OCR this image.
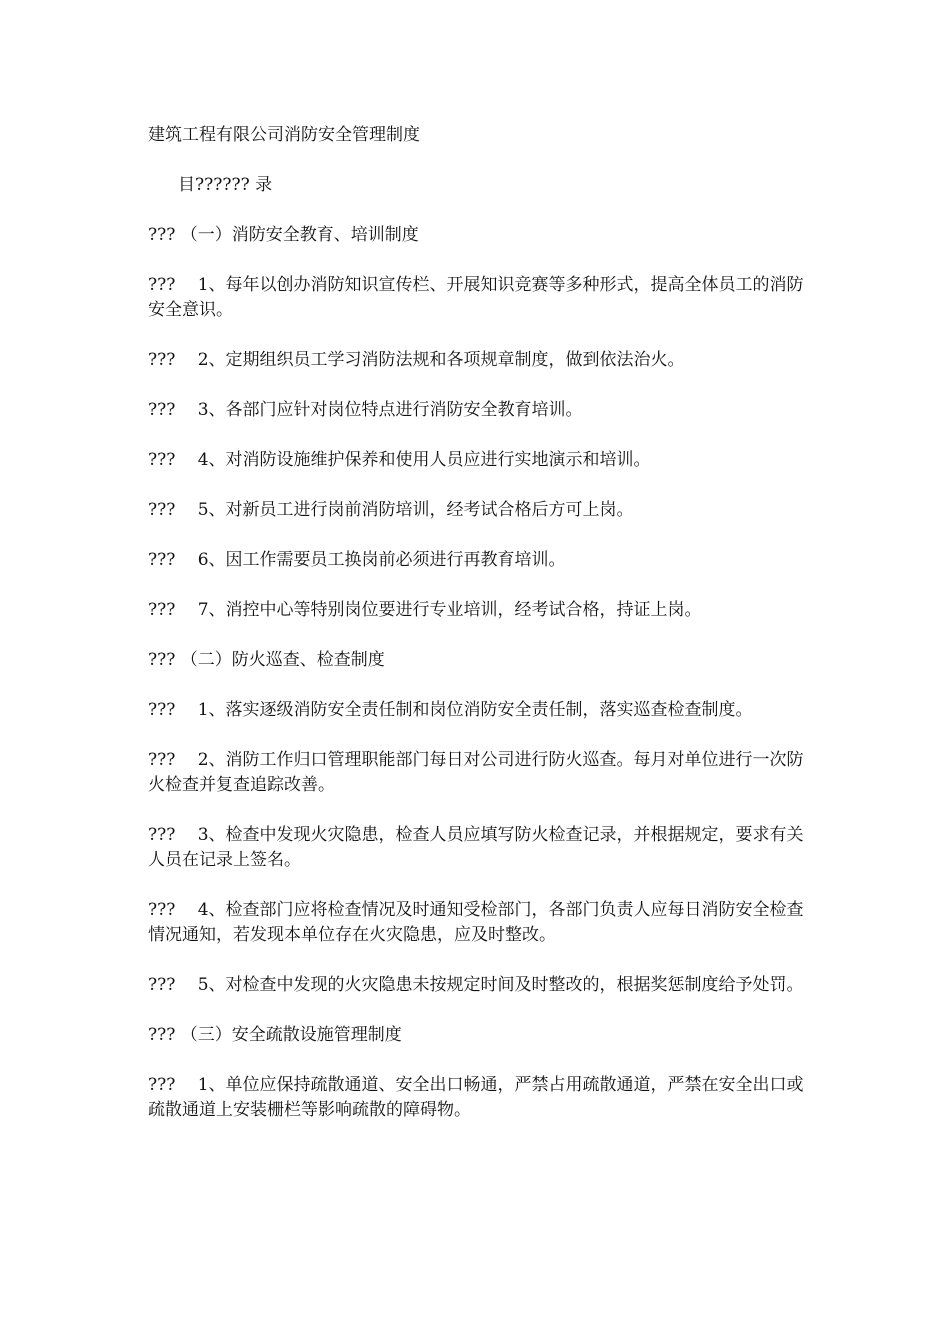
建筑工程有限公司消防安全管理制度
目?????? 录
??? （一）消防安全教育、培训制度
???　 1、每年以创办消防知识宣传栏、开展知识竞赛等多种形式，提高全体员工的消防安全意识。
???　 2、定期组织员工学习消防法规和各项规章制度，做到依法治火。
???　 3、各部门应针对岗位特点进行消防安全教育培训。
???　 4、对消防设施维护保养和使用人员应进行实地演示和培训。
???　 5、对新员工进行岗前消防培训，经考试合格后方可上岗。
???　 6、因工作需要员工换岗前必须进行再教育培训。
???　 7、消控中心等特别岗位要进行专业培训，经考试合格，持证上岗。
??? （二）防火巡查、检查制度
???　 1、落实逐级消防安全责任制和岗位消防安全责任制，落实巡查检查制度。
???　 2、消防工作归口管理职能部门每日对公司进行防火巡查。每月对单位进行一次防火检查并复查追踪改善。
???　 3、检查中发现火灾隐患，检查人员应填写防火检查记录，并根据规定，要求有关人员在记录上签名。
???　 4、检查部门应将检查情况及时通知受检部门，各部门负责人应每日消防安全检查情况通知，若发现本单位存在火灾隐患，应及时整改。
???　 5、对检查中发现的火灾隐患未按规定时间及时整改的，根据奖惩制度给予处罚。
??? （三）安全疏散设施管理制度
???　 1、单位应保持疏散通道、安全出口畅通，严禁占用疏散通道，严禁在安全出口或疏散通道上安装栅栏等影响疏散的障碍物。
